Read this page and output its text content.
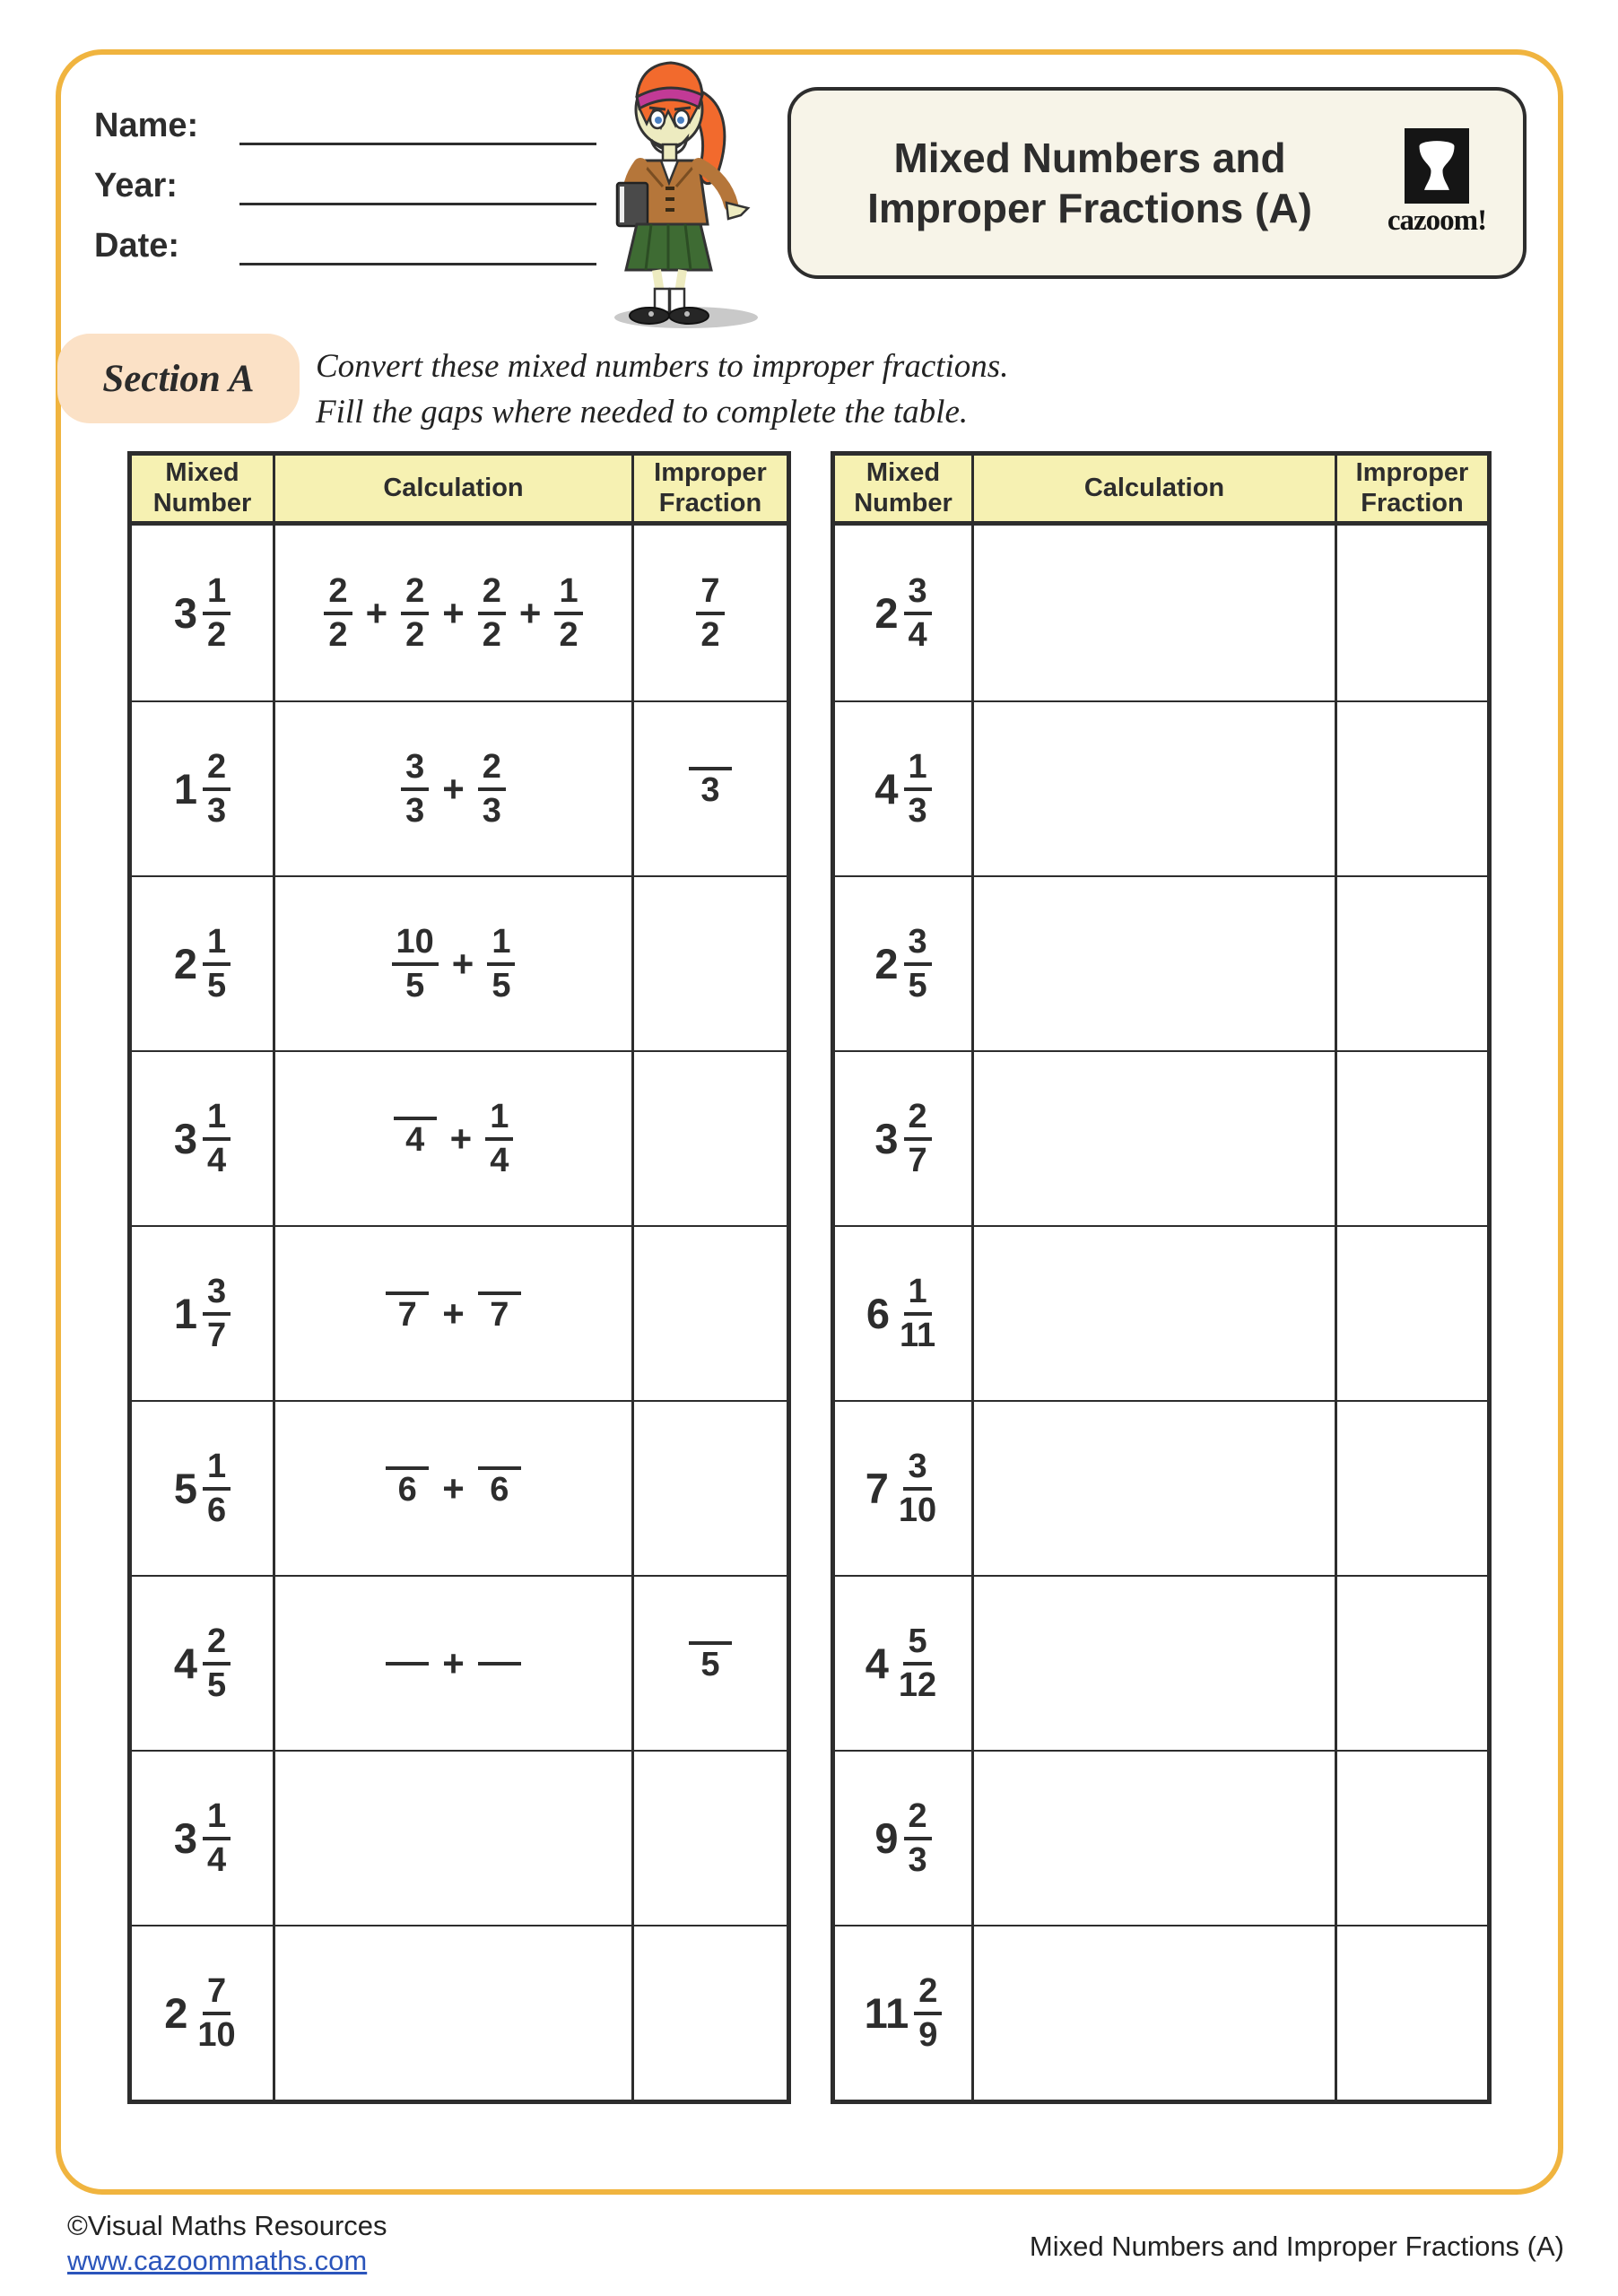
Name:
Year:
Date:
Mixed Numbers and
Improper Fractions (A)	cazoom!
Section A Convert these mixed numbers to improper fractions.
Fill the gaps where needed to complete the table.
Mixed Number
Calculation
Improper Fraction
$3 \frac{1}{2}$	$\frac{2}{2} + \frac{2}{2} + \frac{2}{2} + \frac{1}{2}$	$\frac{7}{2}$
$1 \frac{2}{3}$	$\frac{3}{3} + \frac{2}{3}$	3
$2 \frac{1}{5}$	$\frac{10}{5} + \frac{1}{5}$
$3 \frac{1}{4}$	$4 + \frac{1}{4}$
$1 \frac{3}{7}$	7 + 7
$5 \frac{1}{6}$	6 + 6
$4 \frac{2}{5}$	+	5
$3 \frac{1}{4}$
$2 \frac{7}{10}$
Mixed Number
Calculation
Improper Fraction
$2 \frac{3}{4}$
$4 \frac{1}{3}$
$2 \frac{3}{5}$
$3 \frac{2}{7}$
$6 \frac{1}{11}$
$7 \frac{3}{10}$
$4 \frac{5}{12}$
$9 \frac{2}{3}$
$11 \frac{2}{9}$
©Visual Maths Resources
www.cazoommaths.com	Mixed Numbers and Improper Fractions (A)
